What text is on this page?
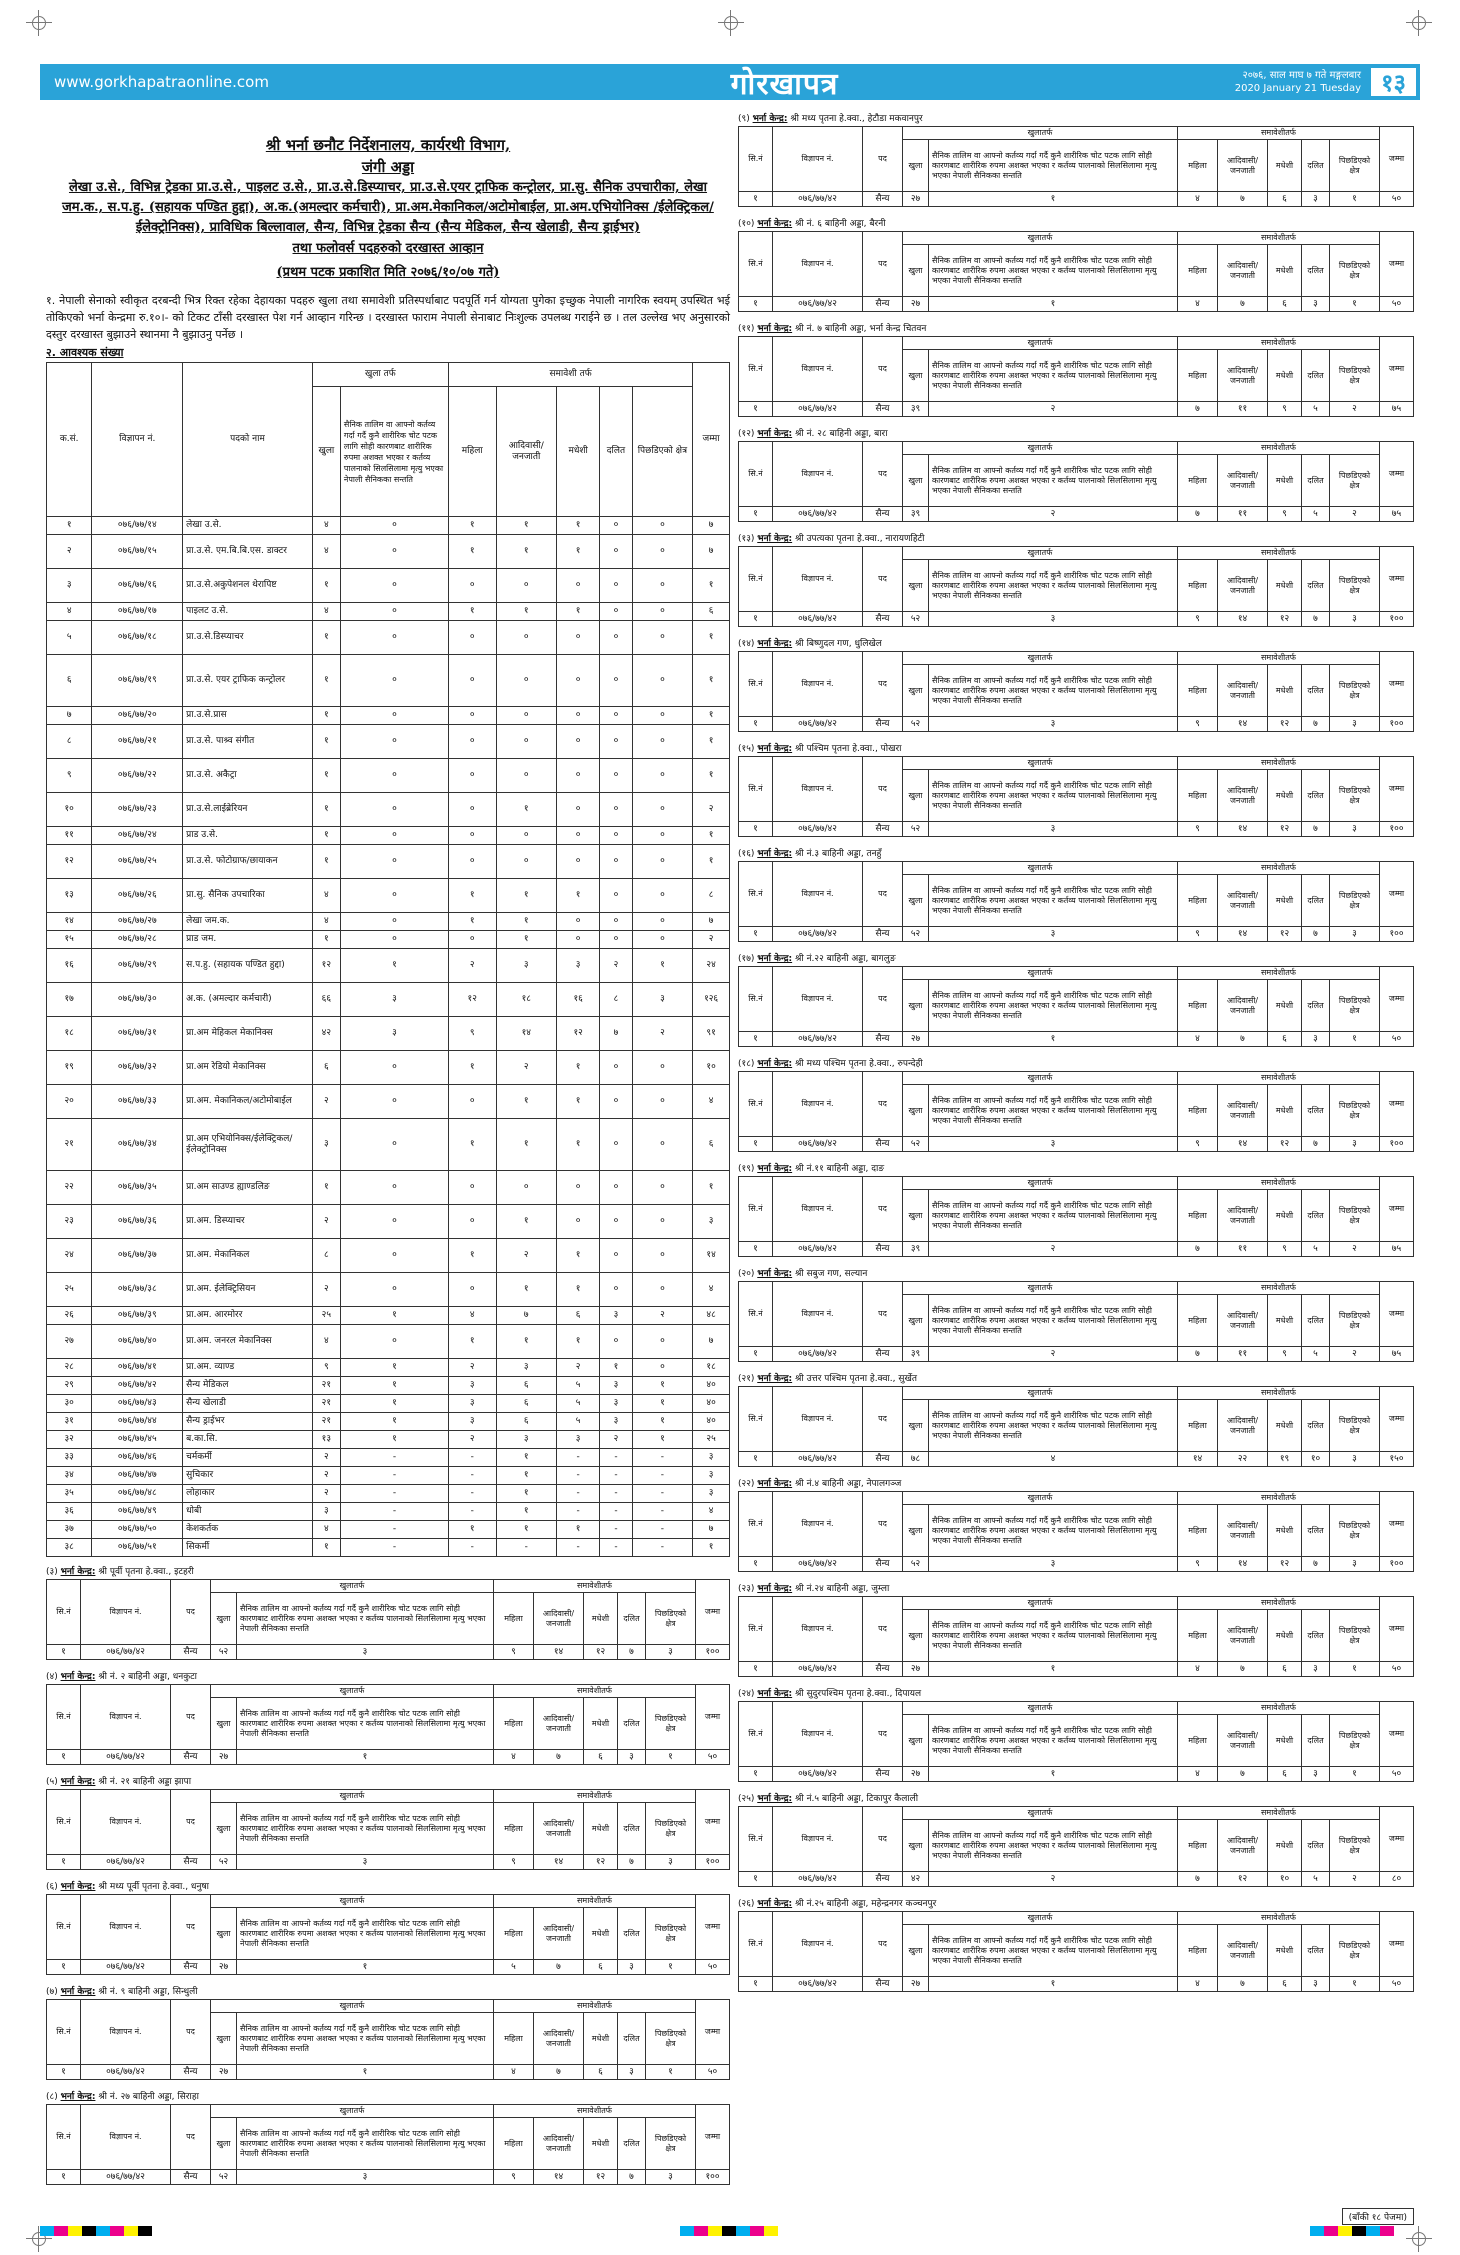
www.gorkhapatraonline.com	गोरखापत्र	२०७६, साल माघ ७ गते मङ्गलबार
2020 January 21 Tuesday १३
श्री भर्ना छनौट निर्देशनालय, कार्यरथी विभाग,
जंगी अड्डा
लेखा उ.से., विभिन्न ट्रेडका प्रा.उ.से., पाइलट उ.से., प्रा.उ.से.डिस्प्याचर, प्रा.उ.से.एयर ट्राफिक कन्ट्रोलर, प्रा.सु. सैनिक उपचारीका, लेखा जम.क., स.प.हु. (सहायक पण्डित हुद्दा), अ.क.(अमल्दार कर्मचारी), प्रा.अम.मेकानिकल/अटोमोबाईल, प्रा.अम.एभियोनिक्स /ईलेक्ट्रिकल/ ईलेक्ट्रोनिक्स), प्राविधिक बिल्लावाल, सैन्य, विभिन्न ट्रेडका सैन्य (सैन्य मेडिकल, सैन्य खेलाडी, सैन्य ड्राईभर)
तथा फलोवर्स पदहरुको दरखास्त आव्हान
(प्रथम पटक प्रकाशित मिति २०७६/१०/०७ गते)
१. नेपाली सेनाको स्वीकृत दरबन्दी भित्र रिक्त रहेका देहायका पदहरु खुला तथा समावेशी प्रतिस्पर्धाबाट पदपूर्ति गर्न योग्यता पुगेका इच्छुक नेपाली नागरिक स्वयम् उपस्थित भई तोकिएको भर्ना केन्द्रमा रु.१०।- को टिकट टाँसी दरखास्त पेश गर्न आव्हान गरिन्छ । दरखास्त फाराम नेपाली सेनाबाट निःशुल्क उपलब्ध गराईने छ । तल उल्लेख भए अनुसारको दस्तुर दरखास्त बुझाउने स्थानमा नै बुझाउनु पर्नेछ ।
२. आवश्यक संख्या
क.सं.	विज्ञापन नं.	पदको नाम	खुला तर्फ		समावेशी तर्फ					जम्मा
			खुला	सैनिक तालिम वा आफ्नो कर्तव्य गर्दा गर्दै कुनै शारीरिक चोट पटक लागि सोही कारणबाट शारीरिक रुपमा अशक्त भएका र कर्तव्य पालनाको सिलसिलामा मृत्यु भएका नेपाली सैनिकका सन्तति	महिला	आदिवासी/ जनजाती	मधेशी	दलित	पिछडिएको क्षेत्र	
१	०७६/७७/१४	लेखा उ.से.	४	०	१	१	१	०	०	७
२	०७६/७७/१५	प्रा.उ.से. एम.बि.बि.एस. डाक्टर	४	०	१	१	१	०	०	७
३	०७६/७७/१६	प्रा.उ.से.अकुपेशनल थेरापिष्ट	१	०	०	०	०	०	०	१
४	०७६/७७/१७	पाइलट उ.से.	४	०	१	१	१	०	०	६
५	०७६/७७/१८	प्रा.उ.से.डिस्प्याचर	१	०	०	०	०	०	०	१
६	०७६/७७/१९	प्रा.उ.से. एयर ट्राफिक कन्ट्रोलर	१	०	०	०	०	०	०	१
७	०७६/७७/२०	प्रा.उ.से.प्रास	१	०	०	०	०	०	०	१
८	०७६/७७/२१	प्रा.उ.से. पाश्र्व संगीत	१	०	०	०	०	०	०	१
९	०७६/७७/२२	प्रा.उ.से. अकैट्रा	१	०	०	०	०	०	०	१
१०	०७६/७७/२३	प्रा.उ.से.लाईब्रेरियन	१	०	०	१	०	०	०	२
११	०७६/७७/२४	प्राड उ.से.	१	०	०	०	०	०	०	१
१२	०७६/७७/२५	प्रा.उ.से. फोटोग्राफ/छायाकन	१	०	०	०	०	०	०	१
१३	०७६/७७/२६	प्रा.सु. सैनिक उपचारिका	४	०	१	१	१	०	०	८
१४	०७६/७७/२७	लेखा जम.क.	४	०	१	१	०	०	०	७
१५	०७६/७७/२८	प्राड जम.	१	०	०	१	०	०	०	२
१६	०७६/७७/२९	स.प.हु. (सहायक पण्डित हुद्दा)	१२	१	२	३	३	२	१	२४
१७	०७६/७७/३०	अ.क. (अमल्दार कर्मचारी)	६६	३	१२	१८	१६	८	३	१२६
१८	०७६/७७/३१	प्रा.अम मेहिकल मेकानिक्स	४२	३	९	१४	१२	७	२	९१
१९	०७६/७७/३२	प्रा.अम रेडियो मेकानिक्स	६	०	१	२	१	०	०	१०
२०	०७६/७७/३३	प्रा.अम. मेकानिकल/अटोमोबाईल	२	०	०	१	१	०	०	४
२१	०७६/७७/३४	प्रा.अम एभियोनिक्स/ईलेक्ट्रिकल/ ईलेक्ट्रोनिक्स	३	०	१	१	१	०	०	६
२२	०७६/७७/३५	प्रा.अम साउण्ड ह्याण्डलिङ	१	०	०	०	०	०	०	१
२३	०७६/७७/३६	प्रा.अम. डिस्प्याचर	२	०	०	१	०	०	०	३
२४	०७६/७७/३७	प्रा.अम. मेकानिकल	८	०	१	२	१	०	०	१४
२५	०७६/७७/३८	प्रा.अम. ईलेक्ट्रिसियन	२	०	०	१	१	०	०	४
२६	०७६/७७/३९	प्रा.अम. आरमोरर	२५	१	४	७	६	३	२	४८
२७	०७६/७७/४०	प्रा.अम. जनरल मेकानिक्स	४	०	१	१	१	०	०	७
२८	०७६/७७/४१	प्रा.अम. व्याण्ड	९	१	२	३	२	१	०	१८
२९	०७६/७७/४२	सैन्य मेडिकल	२१	१	३	६	५	३	१	४०
३०	०७६/७७/४३	सैन्य खेलाडी	२१	१	३	६	५	३	१	४०
३१	०७६/७७/४४	सैन्य ड्राईभर	२१	१	३	६	५	३	१	४०
३२	०७६/७७/४५	ब.का.सि.	१३	१	२	३	३	२	१	२५
३३	०७६/७७/४६	चर्मकर्मी	२	-	-	१	-	-	-	३
३४	०७६/७७/४७	सुचिकार	२	-	-	१	-	-	-	३
३५	०७६/७७/४८	लोहाकार	२	-	-	१	-	-	-	३
३६	०७६/७७/४९	धोबी	३	-	-	१	-	-	-	४
३७	०७६/७७/५०	केशकर्तक	४	-	१	१	१	-	-	७
३८	०७६/७७/५१	सिकर्मी	१	-	-	-	-	-	-	१
(३) भर्ना केन्द्र: श्री पूर्वी पृतना हे.क्वा., इटहरी
सि.नं	विज्ञापन नं.	पद	खुलातर्फ		समावेशीतर्फ					जम्मा
			खुला	सैनिक तालिम वा आफ्नो कर्तव्य गर्दा गर्दै कुनै शारीरिक चोट पटक लागि सोही कारणबाट शारीरिक रुपमा अशक्त भएका र कर्तव्य पालनाको सिलसिलामा मृत्यु भएका नेपाली सैनिकका सन्तति	महिला	आदिवासी/ जनजाती	मधेशी	दलित	पिछडिएको क्षेत्र	

१	०७६/७७/४२	सैन्य	५२	३	९	१४	१२	७	३	१००
(४) भर्ना केन्द्र: श्री नं. २ बाहिनी अड्डा, धनकुटा
सि.नं	विज्ञापन नं.	पद	खुलातर्फ		समावेशीतर्फ					जम्मा
			खुला	सैनिक तालिम वा आफ्नो कर्तव्य गर्दा गर्दै कुनै शारीरिक चोट पटक लागि सोही कारणबाट शारीरिक रुपमा अशक्त भएका र कर्तव्य पालनाको सिलसिलामा मृत्यु भएका नेपाली सैनिकका सन्तति	महिला	आदिवासी/ जनजाती	मधेशी	दलित	पिछडिएको क्षेत्र	

१	०७६/७७/४२	सैन्य	२७	१	४	७	६	३	१	५०
(५) भर्ना केन्द्र: श्री नं. २१ बाहिनी अड्डा झापा
सि.नं	विज्ञापन नं.	पद	खुलातर्फ		समावेशीतर्फ					जम्मा
			खुला	सैनिक तालिम वा आफ्नो कर्तव्य गर्दा गर्दै कुनै शारीरिक चोट पटक लागि सोही कारणबाट शारीरिक रुपमा अशक्त भएका र कर्तव्य पालनाको सिलसिलामा मृत्यु भएका नेपाली सैनिकका सन्तति	महिला	आदिवासी/ जनजाती	मधेशी	दलित	पिछडिएको क्षेत्र	

१	०७६/७७/४२	सैन्य	५२	३	९	१४	१२	७	३	१००
(६) भर्ना केन्द्र: श्री मध्य पूर्वी पृतना हे.क्वा., धनुषा
सि.नं	विज्ञापन नं.	पद	खुलातर्फ		समावेशीतर्फ					जम्मा
			खुला	सैनिक तालिम वा आफ्नो कर्तव्य गर्दा गर्दै कुनै शारीरिक चोट पटक लागि सोही कारणबाट शारीरिक रुपमा अशक्त भएका र कर्तव्य पालनाको सिलसिलामा मृत्यु भएका नेपाली सैनिकका सन्तति	महिला	आदिवासी/ जनजाती	मधेशी	दलित	पिछडिएको क्षेत्र	

१	०७६/७७/४२	सैन्य	२७	१	५	७	६	३	१	५०
(७) भर्ना केन्द्र: श्री नं. ९ बाहिनी अड्डा, सिन्धुली
सि.नं	विज्ञापन नं.	पद	खुलातर्फ		समावेशीतर्फ					जम्मा
			खुला	सैनिक तालिम वा आफ्नो कर्तव्य गर्दा गर्दै कुनै शारीरिक चोट पटक लागि सोही कारणबाट शारीरिक रुपमा अशक्त भएका र कर्तव्य पालनाको सिलसिलामा मृत्यु भएका नेपाली सैनिकका सन्तति	महिला	आदिवासी/ जनजाती	मधेशी	दलित	पिछडिएको क्षेत्र	

१	०७६/७७/४२	सैन्य	२७	१	४	७	६	३	१	५०
(८) भर्ना केन्द्र: श्री नं. २७ बाहिनी अड्डा, सिराहा
सि.नं	विज्ञापन नं.	पद	खुलातर्फ		समावेशीतर्फ					जम्मा
			खुला	सैनिक तालिम वा आफ्नो कर्तव्य गर्दा गर्दै कुनै शारीरिक चोट पटक लागि सोही कारणबाट शारीरिक रुपमा अशक्त भएका र कर्तव्य पालनाको सिलसिलामा मृत्यु भएका नेपाली सैनिकका सन्तति	महिला	आदिवासी/ जनजाती	मधेशी	दलित	पिछडिएको क्षेत्र	

१	०७६/७७/४२	सैन्य	५२	३	९	१४	१२	७	३	१००
(९) भर्ना केन्द्र: श्री मध्य पृतना हे.क्वा., हेटौडा मकवानपुर
सि.नं	विज्ञापन नं.	पद	खुलातर्फ		समावेशीतर्फ					जम्मा
			खुला	सैनिक तालिम वा आफ्नो कर्तव्य गर्दा गर्दै कुनै शारीरिक चोट पटक लागि सोही कारणबाट शारीरिक रुपमा अशक्त भएका र कर्तव्य पालनाको सिलसिलामा मृत्यु भएका नेपाली सैनिकका सन्तति	महिला	आदिवासी/ जनजाती	मधेशी	दलित	पिछडिएको क्षेत्र	

१	०७६/७७/४२	सैन्य	२७	१	४	७	६	३	१	५०
(१०) भर्ना केन्द्र: श्री नं. ६ बाहिनी अड्डा, बैरनी
सि.नं	विज्ञापन नं.	पद	खुलातर्फ		समावेशीतर्फ					जम्मा
			खुला	सैनिक तालिम वा आफ्नो कर्तव्य गर्दा गर्दै कुनै शारीरिक चोट पटक लागि सोही कारणबाट शारीरिक रुपमा अशक्त भएका र कर्तव्य पालनाको सिलसिलामा मृत्यु भएका नेपाली सैनिकका सन्तति	महिला	आदिवासी/ जनजाती	मधेशी	दलित	पिछडिएको क्षेत्र	

१	०७६/७७/४२	सैन्य	२७	१	४	७	६	३	१	५०
(११) भर्ना केन्द्र: श्री नं. ७ बाहिनी अड्डा, भर्ना केन्द्र चितवन
सि.नं	विज्ञापन नं.	पद	खुलातर्फ		समावेशीतर्फ					जम्मा
			खुला	सैनिक तालिम वा आफ्नो कर्तव्य गर्दा गर्दै कुनै शारीरिक चोट पटक लागि सोही कारणबाट शारीरिक रुपमा अशक्त भएका र कर्तव्य पालनाको सिलसिलामा मृत्यु भएका नेपाली सैनिकका सन्तति	महिला	आदिवासी/ जनजाती	मधेशी	दलित	पिछडिएको क्षेत्र	

१	०७६/७७/४२	सैन्य	३९	२	७	११	९	५	२	७५
(१२) भर्ना केन्द्र: श्री नं. २८ बाहिनी अड्डा, बारा
सि.नं	विज्ञापन नं.	पद	खुलातर्फ		समावेशीतर्फ					जम्मा
			खुला	सैनिक तालिम वा आफ्नो कर्तव्य गर्दा गर्दै कुनै शारीरिक चोट पटक लागि सोही कारणबाट शारीरिक रुपमा अशक्त भएका र कर्तव्य पालनाको सिलसिलामा मृत्यु भएका नेपाली सैनिकका सन्तति	महिला	आदिवासी/ जनजाती	मधेशी	दलित	पिछडिएको क्षेत्र	

१	०७६/७७/४२	सैन्य	३९	२	७	११	९	५	२	७५
(१३) भर्ना केन्द्र: श्री उपत्यका पृतना हे.क्वा., नारायणहिटी
सि.नं	विज्ञापन नं.	पद	खुलातर्फ		समावेशीतर्फ					जम्मा
			खुला	सैनिक तालिम वा आफ्नो कर्तव्य गर्दा गर्दै कुनै शारीरिक चोट पटक लागि सोही कारणबाट शारीरिक रुपमा अशक्त भएका र कर्तव्य पालनाको सिलसिलामा मृत्यु भएका नेपाली सैनिकका सन्तति	महिला	आदिवासी/ जनजाती	मधेशी	दलित	पिछडिएको क्षेत्र	

१	०७६/७७/४२	सैन्य	५२	३	९	१४	१२	७	३	१००
(१४) भर्ना केन्द्र: श्री बिष्णुदल गण, धुलिखेल
सि.नं	विज्ञापन नं.	पद	खुलातर्फ		समावेशीतर्फ					जम्मा
			खुला	सैनिक तालिम वा आफ्नो कर्तव्य गर्दा गर्दै कुनै शारीरिक चोट पटक लागि सोही कारणबाट शारीरिक रुपमा अशक्त भएका र कर्तव्य पालनाको सिलसिलामा मृत्यु भएका नेपाली सैनिकका सन्तति	महिला	आदिवासी/ जनजाती	मधेशी	दलित	पिछडिएको क्षेत्र	

१	०७६/७७/४२	सैन्य	५२	३	९	१४	१२	७	३	१००
(१५) भर्ना केन्द्र: श्री पश्चिम पृतना हे.क्वा., पोखरा
सि.नं	विज्ञापन नं.	पद	खुलातर्फ		समावेशीतर्फ					जम्मा
			खुला	सैनिक तालिम वा आफ्नो कर्तव्य गर्दा गर्दै कुनै शारीरिक चोट पटक लागि सोही कारणबाट शारीरिक रुपमा अशक्त भएका र कर्तव्य पालनाको सिलसिलामा मृत्यु भएका नेपाली सैनिकका सन्तति	महिला	आदिवासी/ जनजाती	मधेशी	दलित	पिछडिएको क्षेत्र	

१	०७६/७७/४२	सैन्य	५२	३	९	१४	१२	७	३	१००
(१६) भर्ना केन्द्र: श्री नं.३ बाहिनी अड्डा, तनहुँ
सि.नं	विज्ञापन नं.	पद	खुलातर्फ		समावेशीतर्फ					जम्मा
			खुला	सैनिक तालिम वा आफ्नो कर्तव्य गर्दा गर्दै कुनै शारीरिक चोट पटक लागि सोही कारणबाट शारीरिक रुपमा अशक्त भएका र कर्तव्य पालनाको सिलसिलामा मृत्यु भएका नेपाली सैनिकका सन्तति	महिला	आदिवासी/ जनजाती	मधेशी	दलित	पिछडिएको क्षेत्र	

१	०७६/७७/४२	सैन्य	५२	३	९	१४	१२	७	३	१००
(१७) भर्ना केन्द्र: श्री नं.२२ बाहिनी अड्डा, बागलुङ
सि.नं	विज्ञापन नं.	पद	खुलातर्फ		समावेशीतर्फ					जम्मा
			खुला	सैनिक तालिम वा आफ्नो कर्तव्य गर्दा गर्दै कुनै शारीरिक चोट पटक लागि सोही कारणबाट शारीरिक रुपमा अशक्त भएका र कर्तव्य पालनाको सिलसिलामा मृत्यु भएका नेपाली सैनिकका सन्तति	महिला	आदिवासी/ जनजाती	मधेशी	दलित	पिछडिएको क्षेत्र	

१	०७६/७७/४२	सैन्य	२७	१	४	७	६	३	१	५०
(१८) भर्ना केन्द्र: श्री मध्य पश्चिम पृतना हे.क्वा., रुपन्देही
सि.नं	विज्ञापन नं.	पद	खुलातर्फ		समावेशीतर्फ					जम्मा
			खुला	सैनिक तालिम वा आफ्नो कर्तव्य गर्दा गर्दै कुनै शारीरिक चोट पटक लागि सोही कारणबाट शारीरिक रुपमा अशक्त भएका र कर्तव्य पालनाको सिलसिलामा मृत्यु भएका नेपाली सैनिकका सन्तति	महिला	आदिवासी/ जनजाती	मधेशी	दलित	पिछडिएको क्षेत्र	

१	०७६/७७/४२	सैन्य	५२	३	९	१४	१२	७	३	१००
(१९) भर्ना केन्द्र: श्री नं.११ बाहिनी अड्डा, दाङ
सि.नं	विज्ञापन नं.	पद	खुलातर्फ		समावेशीतर्फ					जम्मा
			खुला	सैनिक तालिम वा आफ्नो कर्तव्य गर्दा गर्दै कुनै शारीरिक चोट पटक लागि सोही कारणबाट शारीरिक रुपमा अशक्त भएका र कर्तव्य पालनाको सिलसिलामा मृत्यु भएका नेपाली सैनिकका सन्तति	महिला	आदिवासी/ जनजाती	मधेशी	दलित	पिछडिएको क्षेत्र	

१	०७६/७७/४२	सैन्य	३९	२	७	११	९	५	२	७५
(२०) भर्ना केन्द्र: श्री सबुज गण, सल्यान
सि.नं	विज्ञापन नं.	पद	खुलातर्फ		समावेशीतर्फ					जम्मा
			खुला	सैनिक तालिम वा आफ्नो कर्तव्य गर्दा गर्दै कुनै शारीरिक चोट पटक लागि सोही कारणबाट शारीरिक रुपमा अशक्त भएका र कर्तव्य पालनाको सिलसिलामा मृत्यु भएका नेपाली सैनिकका सन्तति	महिला	आदिवासी/ जनजाती	मधेशी	दलित	पिछडिएको क्षेत्र	

१	०७६/७७/४२	सैन्य	३९	२	७	११	९	५	२	७५
(२१) भर्ना केन्द्र: श्री उत्तर पश्चिम पृतना हे.क्वा., सुर्खेत
सि.नं	विज्ञापन नं.	पद	खुलातर्फ		समावेशीतर्फ					जम्मा
			खुला	सैनिक तालिम वा आफ्नो कर्तव्य गर्दा गर्दै कुनै शारीरिक चोट पटक लागि सोही कारणबाट शारीरिक रुपमा अशक्त भएका र कर्तव्य पालनाको सिलसिलामा मृत्यु भएका नेपाली सैनिकका सन्तति	महिला	आदिवासी/ जनजाती	मधेशी	दलित	पिछडिएको क्षेत्र	

१	०७६/७७/४२	सैन्य	७८	४	१४	२२	१९	१०	३	१५०
(२२) भर्ना केन्द्र: श्री नं.४ बाहिनी अड्डा, नेपालगञ्ज
सि.नं	विज्ञापन नं.	पद	खुलातर्फ		समावेशीतर्फ					जम्मा
			खुला	सैनिक तालिम वा आफ्नो कर्तव्य गर्दा गर्दै कुनै शारीरिक चोट पटक लागि सोही कारणबाट शारीरिक रुपमा अशक्त भएका र कर्तव्य पालनाको सिलसिलामा मृत्यु भएका नेपाली सैनिकका सन्तति	महिला	आदिवासी/ जनजाती	मधेशी	दलित	पिछडिएको क्षेत्र	

१	०७६/७७/४२	सैन्य	५२	३	९	१४	१२	७	३	१००
(२३) भर्ना केन्द्र: श्री नं.२४ बाहिनी अड्डा, जुम्ला
सि.नं	विज्ञापन नं.	पद	खुलातर्फ		समावेशीतर्फ					जम्मा
			खुला	सैनिक तालिम वा आफ्नो कर्तव्य गर्दा गर्दै कुनै शारीरिक चोट पटक लागि सोही कारणबाट शारीरिक रुपमा अशक्त भएका र कर्तव्य पालनाको सिलसिलामा मृत्यु भएका नेपाली सैनिकका सन्तति	महिला	आदिवासी/ जनजाती	मधेशी	दलित	पिछडिएको क्षेत्र	

१	०७६/७७/४२	सैन्य	२७	१	४	७	६	३	१	५०
(२४) भर्ना केन्द्र: श्री सुदुरपश्चिम पृतना हे.क्वा., दिपायल
सि.नं	विज्ञापन नं.	पद	खुलातर्फ		समावेशीतर्फ					जम्मा
			खुला	सैनिक तालिम वा आफ्नो कर्तव्य गर्दा गर्दै कुनै शारीरिक चोट पटक लागि सोही कारणबाट शारीरिक रुपमा अशक्त भएका र कर्तव्य पालनाको सिलसिलामा मृत्यु भएका नेपाली सैनिकका सन्तति	महिला	आदिवासी/ जनजाती	मधेशी	दलित	पिछडिएको क्षेत्र	

१	०७६/७७/४२	सैन्य	२७	१	४	७	६	३	१	५०
(२५) भर्ना केन्द्र: श्री नं.५ बाहिनी अड्डा, टिकापुर कैलाली
सि.नं	विज्ञापन नं.	पद	खुलातर्फ		समावेशीतर्फ					जम्मा
			खुला	सैनिक तालिम वा आफ्नो कर्तव्य गर्दा गर्दै कुनै शारीरिक चोट पटक लागि सोही कारणबाट शारीरिक रुपमा अशक्त भएका र कर्तव्य पालनाको सिलसिलामा मृत्यु भएका नेपाली सैनिकका सन्तति	महिला	आदिवासी/ जनजाती	मधेशी	दलित	पिछडिएको क्षेत्र	

१	०७६/७७/४२	सैन्य	४२	२	७	१२	१०	५	२	८०
(२६) भर्ना केन्द्र: श्री नं.२५ बाहिनी अड्डा, महेन्द्रनगर कञ्चनपुर
सि.नं	विज्ञापन नं.	पद	खुलातर्फ		समावेशीतर्फ					जम्मा
			खुला	सैनिक तालिम वा आफ्नो कर्तव्य गर्दा गर्दै कुनै शारीरिक चोट पटक लागि सोही कारणबाट शारीरिक रुपमा अशक्त भएका र कर्तव्य पालनाको सिलसिलामा मृत्यु भएका नेपाली सैनिकका सन्तति	महिला	आदिवासी/ जनजाती	मधेशी	दलित	पिछडिएको क्षेत्र	

१	०७६/७७/४२	सैन्य	२७	१	४	७	६	३	१	५०
(बाँकी १८ पेजमा)
